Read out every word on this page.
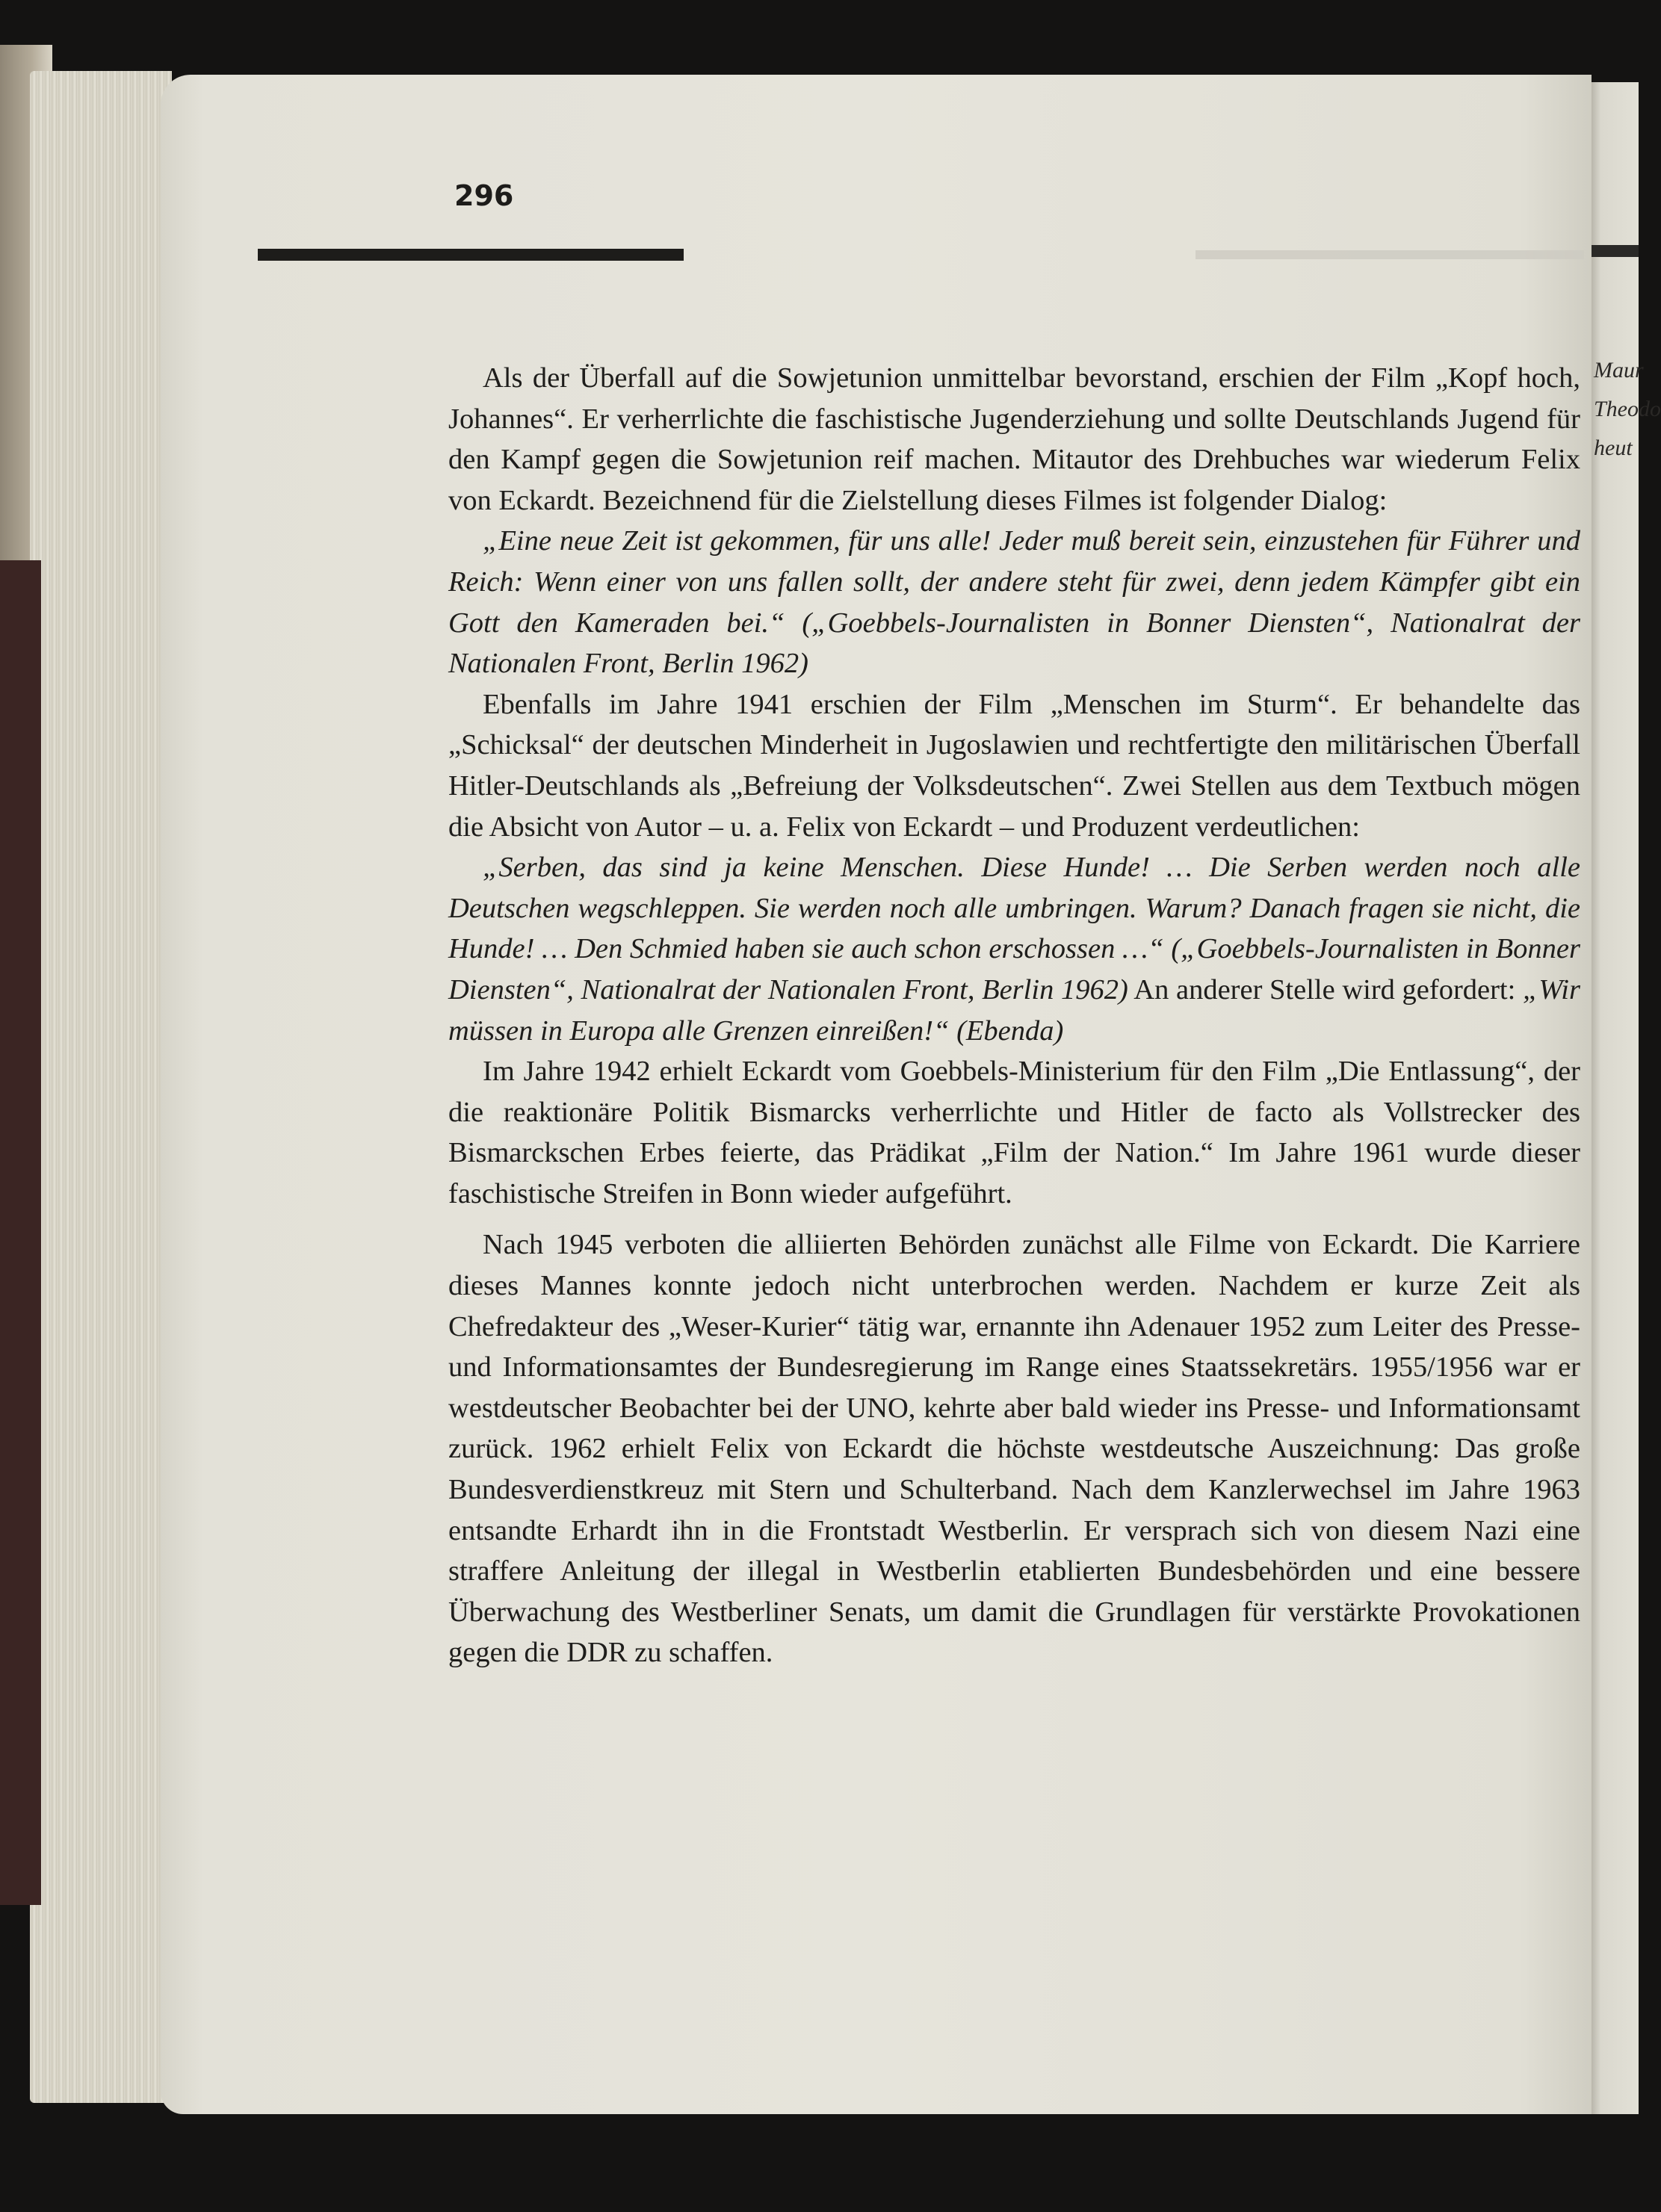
Maur
Theodo
heut
296

Als der Überfall auf die Sowjetunion unmittelbar bevorstand, erschien der Film „Kopf hoch, Johannes“. Er verherrlichte die faschistische Jugenderziehung und sollte Deutschlands Jugend für den Kampf gegen die Sowjetunion reif machen. Mitautor des Drehbuches war wiederum Felix von Eckardt. Bezeichnend für die Zielstellung dieses Filmes ist folgender Dialog:

„Eine neue Zeit ist gekommen, für uns alle! Jeder muß bereit sein, einzustehen für Führer und Reich: Wenn einer von uns fallen sollt, der andere steht für zwei, denn jedem Kämpfer gibt ein Gott den Kameraden bei.“ („Goebbels-Journalisten in Bonner Diensten“, Nationalrat der Nationalen Front, Berlin 1962)

Ebenfalls im Jahre 1941 erschien der Film „Menschen im Sturm“. Er behandelte das „Schicksal“ der deutschen Minderheit in Jugoslawien und rechtfertigte den militärischen Überfall Hitler-Deutschlands als „Befreiung der Volksdeutschen“. Zwei Stellen aus dem Textbuch mögen die Absicht von Autor – u. a. Felix von Eckardt – und Produzent verdeutlichen:

„Serben, das sind ja keine Menschen. Diese Hunde! … Die Serben werden noch alle Deutschen wegschleppen. Sie werden noch alle umbringen. Warum? Danach fragen sie nicht, die Hunde! … Den Schmied haben sie auch schon erschossen …“ („Goebbels-Journalisten in Bonner Diensten“, Nationalrat der Nationalen Front, Berlin 1962) An anderer Stelle wird gefordert: „Wir müssen in Europa alle Grenzen einreißen!“ (Ebenda)

Im Jahre 1942 erhielt Eckardt vom Goebbels-Ministerium für den Film „Die Entlassung“, der die reaktionäre Politik Bismarcks verherrlichte und Hitler de facto als Vollstrecker des Bismarckschen Erbes feierte, das Prädikat „Film der Nation.“ Im Jahre 1961 wurde dieser faschistische Streifen in Bonn wieder aufgeführt.

Nach 1945 verboten die alliierten Behörden zunächst alle Filme von Eckardt. Die Karriere dieses Mannes konnte jedoch nicht unterbrochen werden. Nachdem er kurze Zeit als Chefredakteur des „Weser-Kurier“ tätig war, ernannte ihn Adenauer 1952 zum Leiter des Presse- und Informationsamtes der Bundesregierung im Range eines Staatssekretärs. 1955/1956 war er westdeutscher Beobachter bei der UNO, kehrte aber bald wieder ins Presse- und Informationsamt zurück. 1962 erhielt Felix von Eckardt die höchste westdeutsche Auszeichnung: Das große Bundesverdienstkreuz mit Stern und Schulterband. Nach dem Kanzlerwechsel im Jahre 1963 entsandte Erhardt ihn in die Frontstadt Westberlin. Er versprach sich von diesem Nazi eine straffere Anleitung der illegal in Westberlin etablierten Bundesbehörden und eine bessere Überwachung des Westberliner Senats, um damit die Grundlagen für verstärkte Provokationen gegen die DDR zu schaffen.
